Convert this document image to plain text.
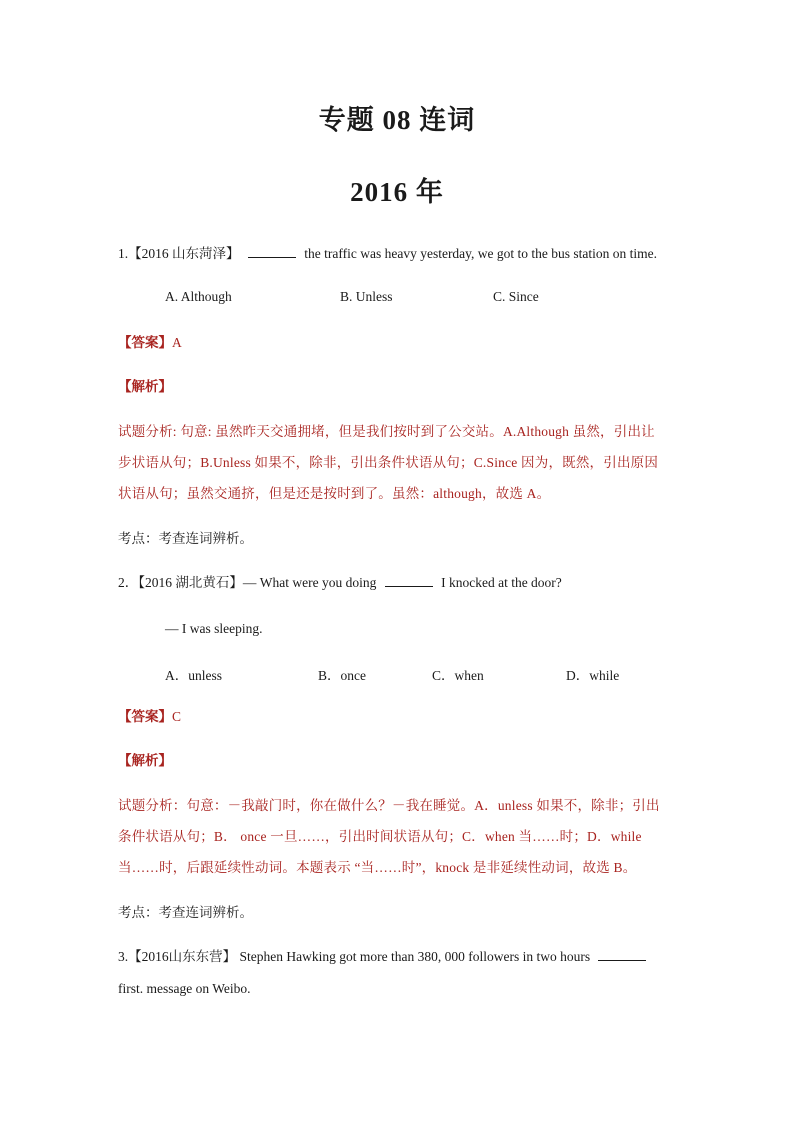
专题 08 连词
2016 年
1.【2016 山东菏泽】	the traffic was heavy yesterday, we got to the bus station on time.
A. Although	B. Unless	C. Since
【答案】A
【解析】
试题分析: 句意: 虽然昨天交通拥堵，但是我们按时到了公交站。A.Although 虽然，引出让
步状语从句；B.Unless 如果不，除非，引出条件状语从句；C.Since 因为，既然，引出原因
状语从句；虽然交通挤，但是还是按时到了。虽然：although，故选 A。
考点：考查连词辨析。
2．【2016 湖北黄石】— What were you doing	I knocked at the door?
— I was sleeping.
A．unless	B．once	C．when	D．while
【答案】C
【解析】
试题分析：句意：－我敲门时，你在做什么？－我在睡觉。A．unless 如果不，除非；引出
条件状语从句；B． once 一旦……，引出时间状语从句；C．when 当……时；D．while
当……时，后跟延续性动词。本题表示 “当……时”，knock 是非延续性动词，故选 B。
考点：考查连词辨析。
3.【2016山东东营】 Stephen Hawking got more than 380, 000 followers in two hours
first. message on Weibo.
